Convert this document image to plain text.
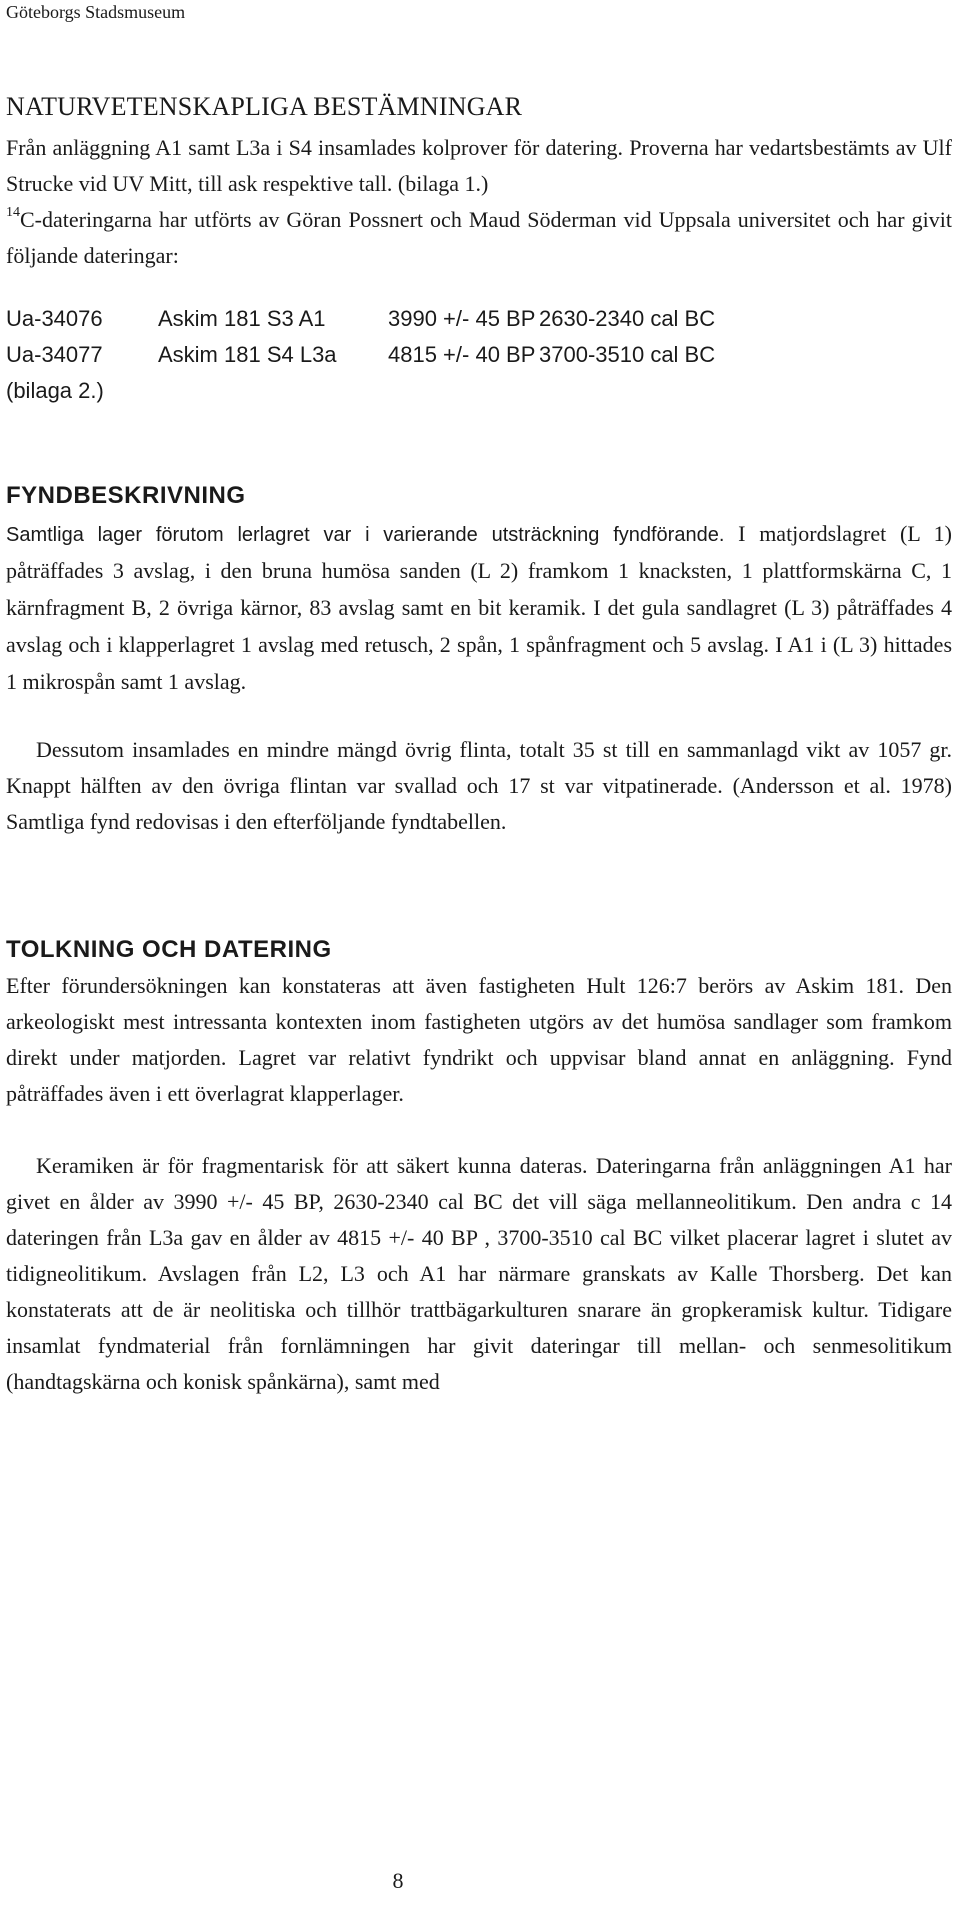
Göteborgs Stadsmuseum
NATURVETENSKAPLIGA BESTÄMNINGAR

Från anläggning A1 samt L3a i S4 insamlades kolprover för datering. Proverna har vedartsbestämts av Ulf Strucke vid UV Mitt, till ask respektive tall. (bilaga 1.)

$^{14}$C-dateringarna har utförts av Göran Possnert och Maud Söderman vid Uppsala universitet och har givit följande dateringar:

Ua-34076	Askim 181 S3 A1	3990 +/- 45 BP 2630-2340 cal BC
Ua-34077	Askim 181 S4 L3a 4815 +/- 40 BP 3700-3510 cal BC
(bilaga 2.)
FYNDBESKRIVNING

Samtliga lager förutom lerlagret var i varierande utsträckning fyndförande. I matjordslagret (L 1) påträffades 3 avslag, i den bruna humösa sanden (L 2) framkom 1 knacksten, 1 plattformskärna C, 1 kärnfragment B, 2 övriga kärnor, 83 avslag samt en bit keramik. I det gula sandlagret (L 3) påträffades 4 avslag och i klapperlagret 1 avslag med retusch, 2 spån, 1 spånfragment och 5 avslag. I A1 i (L 3) hittades 1 mikrospån samt 1 avslag.

Dessutom insamlades en mindre mängd övrig flinta, totalt 35 st till en sammanlagd vikt av 1057 gr. Knappt hälften av den övriga flintan var svallad och 17 st var vitpatinerade. (Andersson et al. 1978) Samtliga fynd redovisas i den efterföljande fyndtabellen.

TOLKNING OCH DATERING

Efter förundersökningen kan konstateras att även fastigheten Hult 126:7 berörs av Askim 181. Den arkeologiskt mest intressanta kontexten inom fastigheten utgörs av det humösa sandlager som framkom direkt under matjorden. Lagret var relativt fyndrikt och uppvisar bland annat en anläggning. Fynd påträffades även i ett överlagrat klapperlager.

Keramiken är för fragmentarisk för att säkert kunna dateras. Dateringarna från anläggningen A1 har givet en ålder av 3990 +/- 45 BP, 2630-2340 cal BC det vill säga mellanneolitikum. Den andra c 14 dateringen från L3a gav en ålder av 4815 +/- 40 BP , 3700-3510 cal BC vilket placerar lagret i slutet av tidigneolitikum. Avslagen från L2, L3 och A1 har närmare granskats av Kalle Thorsberg. Det kan konstaterats att de är neolitiska och tillhör trattbägarkulturen snarare än gropkeramisk kultur. Tidigare insamlat fyndmaterial från fornlämningen har givit dateringar till mellan- och senmesolitikum (handtagskärna och konisk spånkärna), samt med

8
